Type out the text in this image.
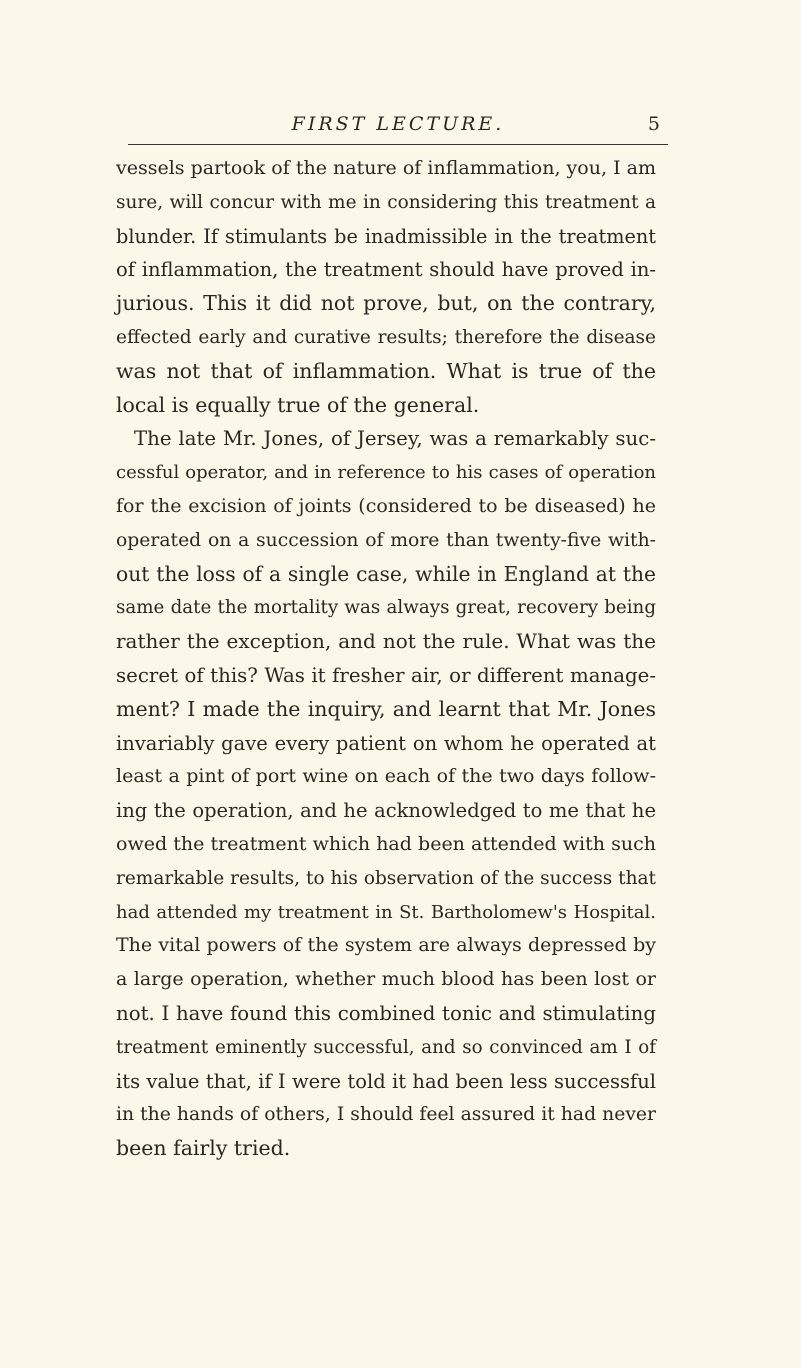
FIRST LECTURE.	5
vessels partook of the nature of inflammation, you, I am
sure, will concur with me in considering this treatment a
blunder. If stimulants be inadmissible in the treatment
of inflammation, the treatment should have proved in-
jurious. This it did not prove, but, on the contrary,
effected early and curative results; therefore the disease
was not that of inflammation. What is true of the
local is equally true of the general.
The late Mr. Jones, of Jersey, was a remarkably suc-
cessful operator, and in reference to his cases of operation
for the excision of joints (considered to be diseased) he
operated on a succession of more than twenty-five with-
out the loss of a single case, while in England at the
same date the mortality was always great, recovery being
rather the exception, and not the rule. What was the
secret of this? Was it fresher air, or different manage-
ment? I made the inquiry, and learnt that Mr. Jones
invariably gave every patient on whom he operated at
least a pint of port wine on each of the two days follow-
ing the operation, and he acknowledged to me that he
owed the treatment which had been attended with such
remarkable results, to his observation of the success that
had attended my treatment in St. Bartholomew's Hospital.
The vital powers of the system are always depressed by
a large operation, whether much blood has been lost or
not. I have found this combined tonic and stimulating
treatment eminently successful, and so convinced am I of
its value that, if I were told it had been less successful
in the hands of others, I should feel assured it had never
been fairly tried.
